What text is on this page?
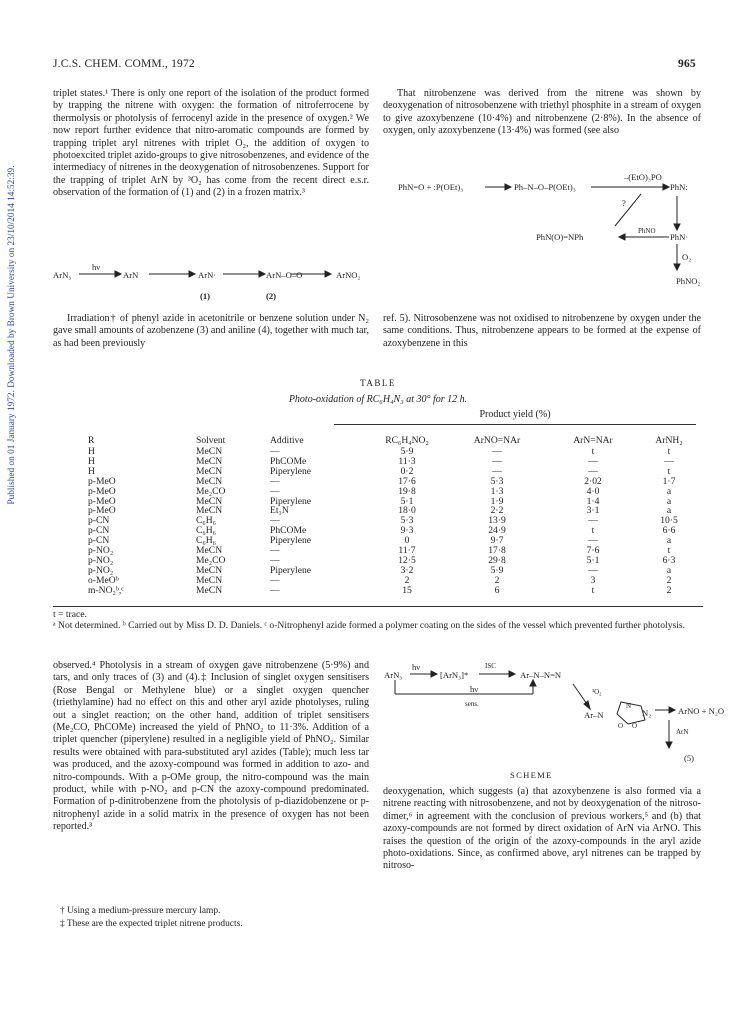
J.C.S. CHEM. COMM., 1972	965
Published on 01 January 1972. Downloaded by Brown University on 23/10/2014 14:52:39.

triplet states.¹ There is only one report of the isolation of the product formed by trapping the nitrene with oxygen: the formation of nitroferrocene by thermolysis or photolysis of ferrocenyl azide in the presence of oxygen.² We now report further evidence that nitro-aromatic compounds are formed by trapping triplet aryl nitrenes with triplet O₂, the addition of oxygen to photoexcited triplet azido-groups to give nitrosobenzenes, and evidence of the intermediacy of nitrenes in the deoxygenation of nitrosobenzenes. Support for the trapping of triplet ArN by ³O₂ has come from the recent direct e.s.r. observation of the formation of (1) and (2) in a frozen matrix.³

That nitrobenzene was derived from the nitrene was shown by deoxygenation of nitrosobenzene with triethyl phosphite in a stream of oxygen to give azoxybenzene (10·4%) and nitrobenzene (2·8%). In the absence of oxygen, only azoxybenzene (13·4%) was formed (see also

ArN₃
hν
ArN	ArN·	ArN–O–O	ArNO₂
(1)	(2)
PhN=O + :P(OEt)₃	Ph–N–O–P(OEt)₃
–(EtO)₃PO
PhN:
?
PhN(O)=NPh
PhNO
PhN·
O₂
PhNO₂

Irradiation† of phenyl azide in acetonitrile or benzene solution under N₂ gave small amounts of azobenzene (3) and aniline (4), together with much tar, as had been previously

ref. 5). Nitrosobenzene was not oxidised to nitrobenzene by oxygen under the same conditions. Thus, nitrobenzene appears to be formed at the expense of azoxybenzene in this

TABLE
Photo-oxidation of RC₆H₄N₃ at 30° for 12 h.
Product yield (%)
R	Solvent	Additive	RC₆H₄NO₂	ArNO=NAr	ArN=NAr	ArNH₂
H	MeCN	—	5·9	—	t	t
H	MeCN	PhCOMe	11·3	—	—	—
H	MeCN	Piperylene	0·2	—	—	t
p-MeO	MeCN	—	17·6	5·3	2·02	1·7
p-MeO	Me₂CO	—	19·8	1·3	4·0	a
p-MeO	MeCN	Piperylene	5·1	1·9	1·4	a
p-MeO	MeCN	Et₃N	18·0	2·2	3·1	a
p-CN	C₆H₆	—	5·3	13·9	—	10·5
p-CN	C₆H₆	PhCOMe	9·3	24·9	t	6·6
p-CN	C₆H₆	Piperylene	0	9·7	—	a
p-NO₂	MeCN	—	11·7	17·8	7·6	t
p-NO₂	Me₂CO	—	12·5	29·8	5·1	6·3
p-NO₂	MeCN	Piperylene	3·2	5·9	—	a
o-MeOᵇ	MeCN	—	2	2	3	2
m-NO₂ᵇ,ᶜ	MeCN	—	15	6	t	2
t = trace.
ᵃ Not determined. ᵇ Carried out by Miss D. D. Daniels. ᶜ o-Nitrophenyl azide formed a polymer coating on the sides of the vessel which prevented further photolysis.

observed.⁴ Photolysis in a stream of oxygen gave nitrobenzene (5·9%) and tars, and only traces of (3) and (4).‡ Inclusion of singlet oxygen sensitisers (Rose Bengal or Methylene blue) or a singlet oxygen quencher (triethylamine) had no effect on this and other aryl azide photolyses, ruling out a singlet reaction; on the other hand, addition of triplet sensitisers (Me₂CO, PhCOMe) increased the yield of PhNO₂ to 11·3%. Addition of a triplet quencher (piperylene) resulted in a negligible yield of PhNO₂. Similar results were obtained with para-substituted aryl azides (Table); much less tar was produced, and the azoxy-compound was formed in addition to azo- and nitro-compounds. With a p-OMe group, the nitro-compound was the main product, while with p-NO₂ and p-CN the azoxy-compound predominated. Formation of p-dinitrobenzene from the photolysis of p-diazidobenzene or p-nitrophenyl azide in a solid matrix in the presence of oxygen has not been reported.³

ArN₃
hν
[ArN₃]*
ISC
Ar–N–N=N
hν
sens.
³O₂
Ar–N
N
N₂
O O
ArNO + N₂O
ArN
(5)
SCHEME

deoxygenation, which suggests (a) that azoxybenzene is also formed via a nitrene reacting with nitrosobenzene, and not by deoxygenation of the nitroso-dimer,⁶ in agreement with the conclusion of previous workers,⁵ and (b) that azoxy-compounds are not formed by direct oxidation of ArN via ArNO. This raises the question of the origin of the azoxy-compounds in the aryl azide photo-oxidations. Since, as confirmed above, aryl nitrenes can be trapped by nitroso-

† Using a medium-pressure mercury lamp.
‡ These are the expected triplet nitrene products.
